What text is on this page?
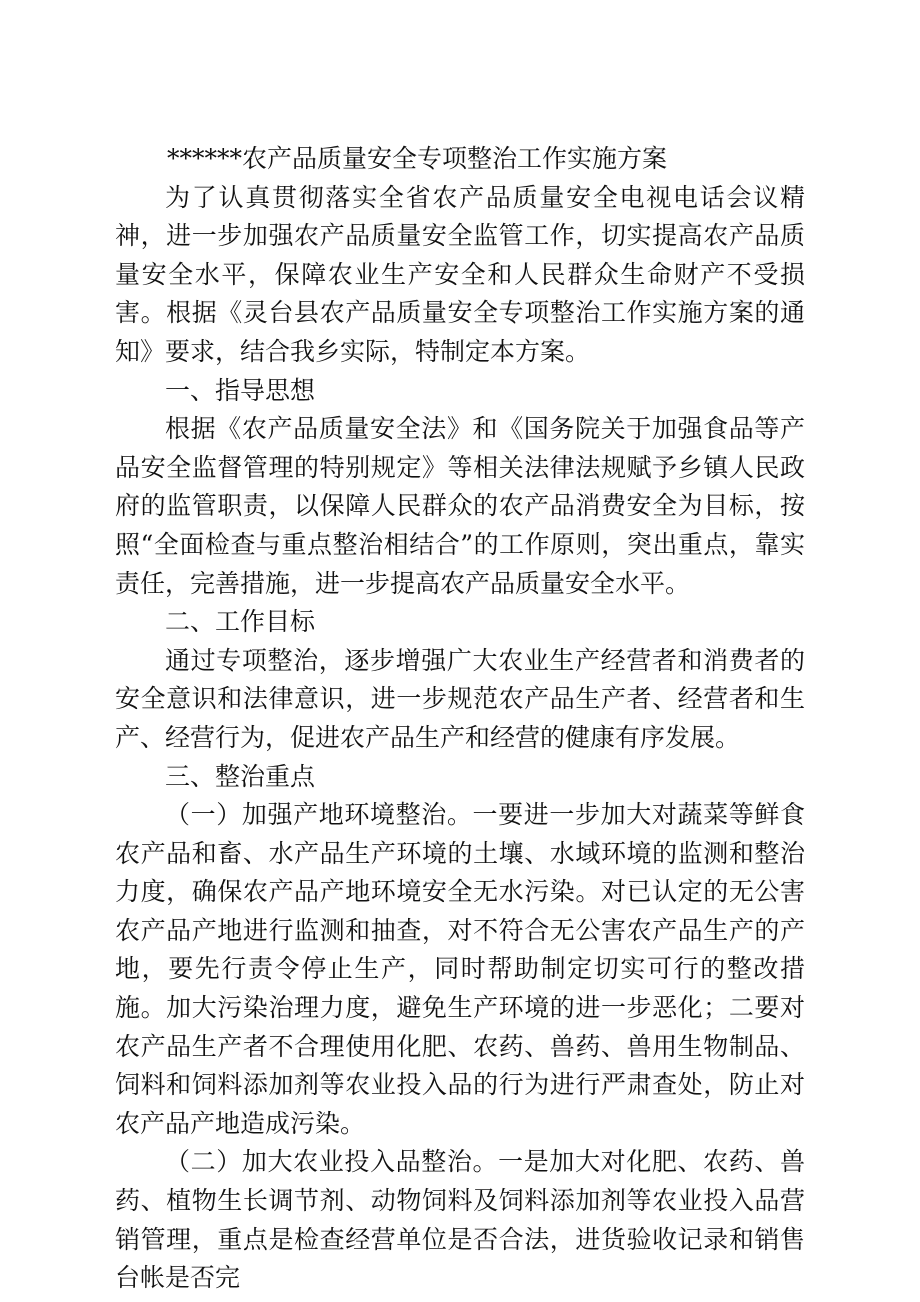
******农产品质量安全专项整治工作实施方案

为了认真贯彻落实全省农产品质量安全电视电话会议精神，进一步加强农产品质量安全监管工作，切实提高农产品质量安全水平，保障农业生产安全和人民群众生命财产不受损害。根据《灵台县农产品质量安全专项整治工作实施方案的通知》要求，结合我乡实际，特制定本方案。

一、指导思想

根据《农产品质量安全法》和《国务院关于加强食品等产品安全监督管理的特别规定》等相关法律法规赋予乡镇人民政府的监管职责，以保障人民群众的农产品消费安全为目标，按照“全面检查与重点整治相结合”的工作原则，突出重点，靠实责任，完善措施，进一步提高农产品质量安全水平。

二、工作目标

通过专项整治，逐步增强广大农业生产经营者和消费者的安全意识和法律意识，进一步规范农产品生产者、经营者和生产、经营行为，促进农产品生产和经营的健康有序发展。

三、整治重点

（一）加强产地环境整治。一要进一步加大对蔬菜等鲜食农产品和畜、水产品生产环境的土壤、水域环境的监测和整治力度，确保农产品产地环境安全无水污染。对已认定的无公害农产品产地进行监测和抽查，对不符合无公害农产品生产的产地，要先行责令停止生产，同时帮助制定切实可行的整改措施。加大污染治理力度，避免生产环境的进一步恶化；二要对农产品生产者不合理使用化肥、农药、兽药、兽用生物制品、饲料和饲料添加剂等农业投入品的行为进行严肃查处，防止对农产品产地造成污染。

（二）加大农业投入品整治。一是加大对化肥、农药、兽药、植物生长调节剂、动物饲料及饲料添加剂等农业投入品营销管理，重点是检查经营单位是否合法，进货验收记录和销售台帐是否完
